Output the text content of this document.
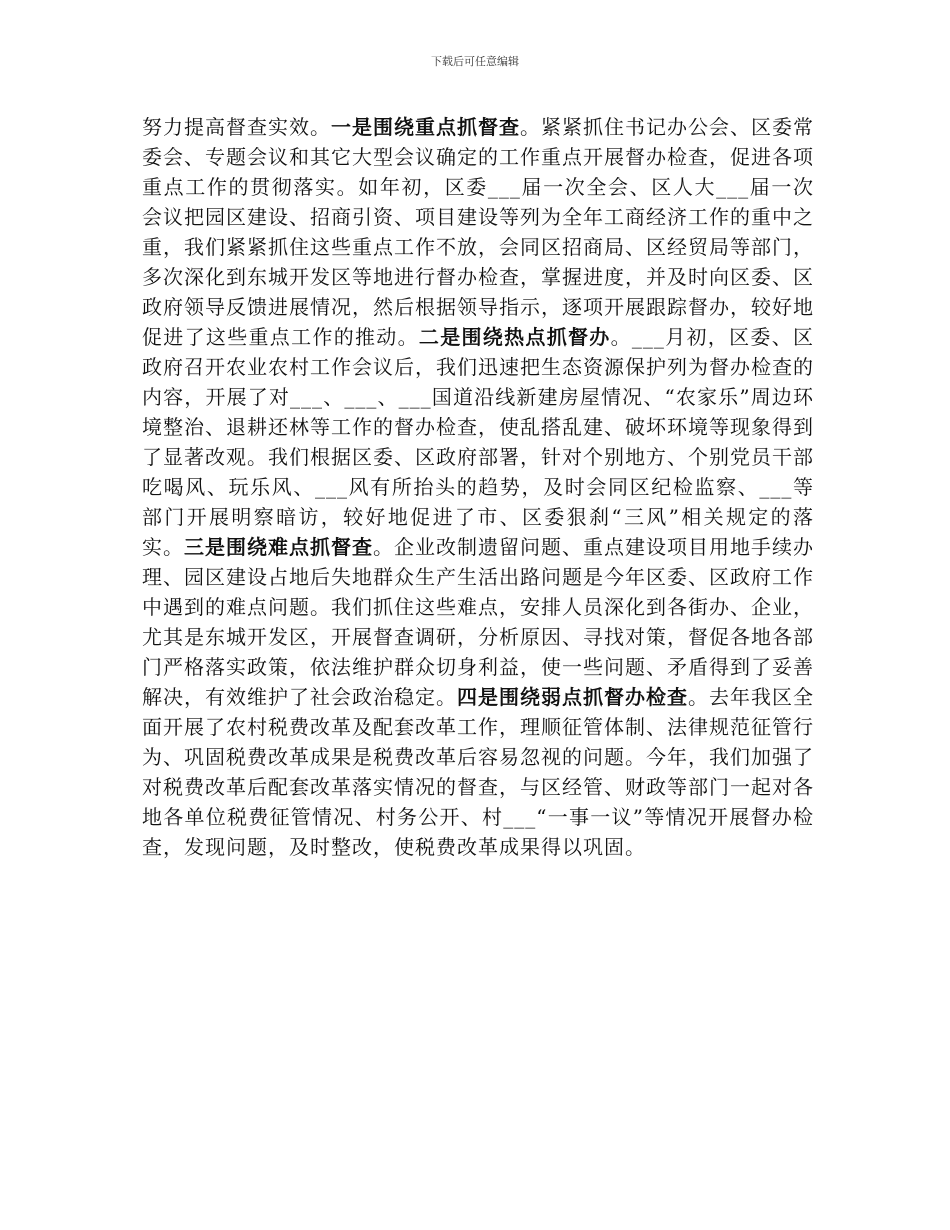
下载后可任意编辑

努力提高督查实效。一是围绕重点抓督查。紧紧抓住书记办公会、区委常委会、专题会议和其它大型会议确定的工作重点开展督办检查，促进各项重点工作的贯彻落实。如年初，区委___届一次全会、区人大___届一次会议把园区建设、招商引资、项目建设等列为全年工商经济工作的重中之重，我们紧紧抓住这些重点工作不放，会同区招商局、区经贸局等部门，多次深化到东城开发区等地进行督办检查，掌握进度，并及时向区委、区政府领导反馈进展情况，然后根据领导指示，逐项开展跟踪督办，较好地促进了这些重点工作的推动。二是围绕热点抓督办。___月初，区委、区政府召开农业农村工作会议后，我们迅速把生态资源保护列为督办检查的内容，开展了对___、___、___国道沿线新建房屋情况、“农家乐”周边环境整治、退耕还林等工作的督办检查，使乱搭乱建、破坏环境等现象得到了显著改观。我们根据区委、区政府部署，针对个别地方、个别党员干部吃喝风、玩乐风、___风有所抬头的趋势，及时会同区纪检监察、___等部门开展明察暗访，较好地促进了市、区委狠刹“三风”相关规定的落实。三是围绕难点抓督查。企业改制遗留问题、重点建设项目用地手续办理、园区建设占地后失地群众生产生活出路问题是今年区委、区政府工作中遇到的难点问题。我们抓住这些难点，安排人员深化到各街办、企业，尤其是东城开发区，开展督查调研，分析原因、寻找对策，督促各地各部门严格落实政策，依法维护群众切身利益，使一些问题、矛盾得到了妥善解决，有效维护了社会政治稳定。四是围绕弱点抓督办检查。去年我区全面开展了农村税费改革及配套改革工作，理顺征管体制、法律规范征管行为、巩固税费改革成果是税费改革后容易忽视的问题。今年，我们加强了对税费改革后配套改革落实情况的督查，与区经管、财政等部门一起对各地各单位税费征管情况、村务公开、村___“一事一议”等情况开展督办检查，发现问题，及时整改，使税费改革成果得以巩固。
